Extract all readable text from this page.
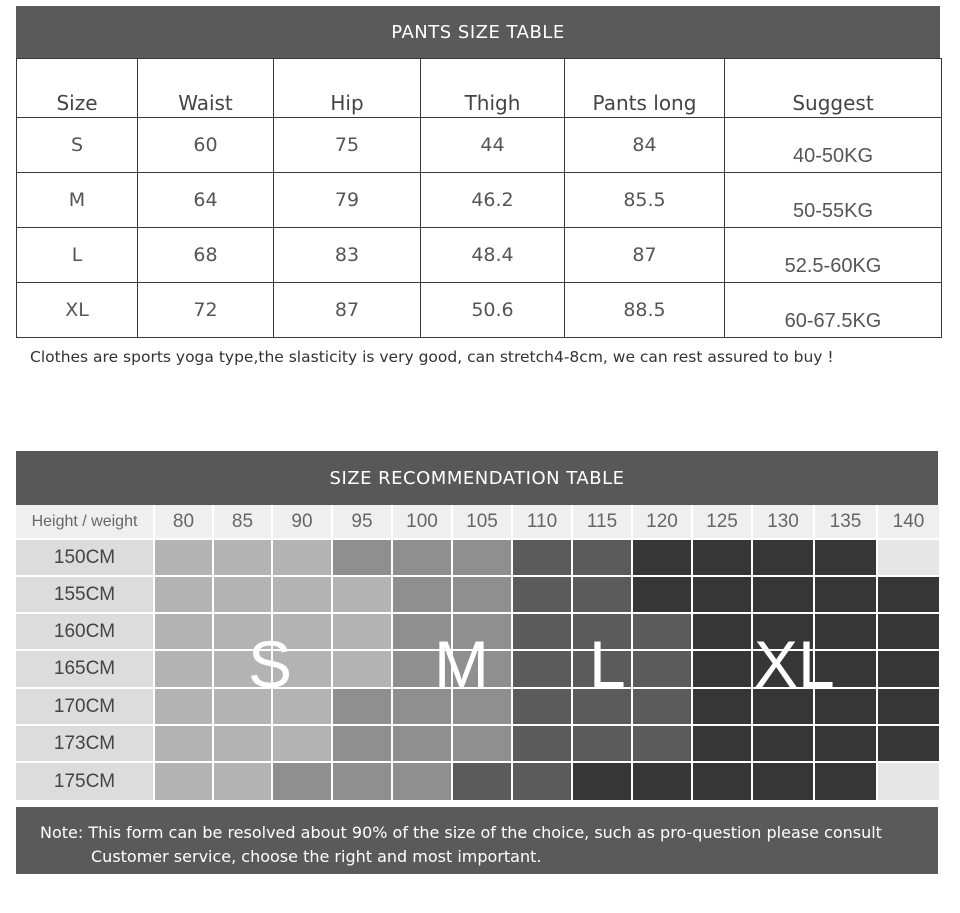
PANTS SIZE TABLE
Size	Waist	Hip	Thigh	Pants long	Suggest
S	60	75	44	84	40-50KG
M	64	79	46.2	85.5	50-55KG
L	68	83	48.4	87	52.5-60KG
XL	72	87	50.6	88.5	60-67.5KG
Clothes are sports yoga type,the slasticity is very good, can stretch4-8cm, we can rest assured to buy !
SIZE RECOMMENDATION TABLE
Height / weight	80	85	90	95	100	105	110	115	120	125	130	135	140
150CM
155CM
160CM
165CM
170CM
173CM
175CM
S M L XL
Note: This form can be resolved about 90% of the size of the choice, such as pro-question please consult
Customer service, choose the right and most important.
